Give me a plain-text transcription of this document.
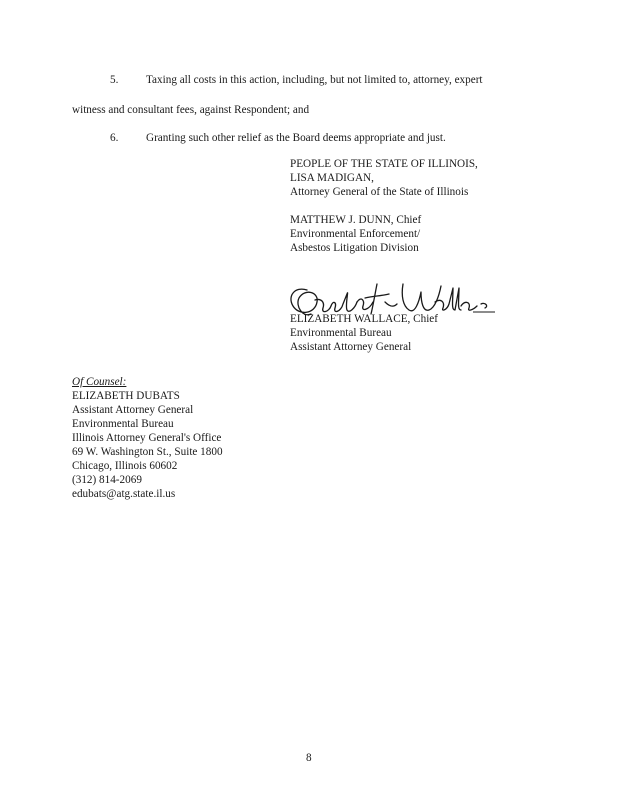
5. Taxing all costs in this action, including, but not limited to, attorney, expert
witness and consultant fees, against Respondent; and
6. Granting such other relief as the Board deems appropriate and just.
PEOPLE OF THE STATE OF ILLINOIS,
LISA MADIGAN,
Attorney General of the State of Illinois
MATTHEW J. DUNN, Chief
Environmental Enforcement/
Asbestos Litigation Division
ELIZABETH WALLACE, Chief
Environmental Bureau
Assistant Attorney General
Of Counsel:
ELIZABETH DUBATS
Assistant Attorney General
Environmental Bureau
Illinois Attorney General's Office
69 W. Washington St., Suite 1800
Chicago, Illinois 60602
(312) 814-2069
edubats@atg.state.il.us
8
